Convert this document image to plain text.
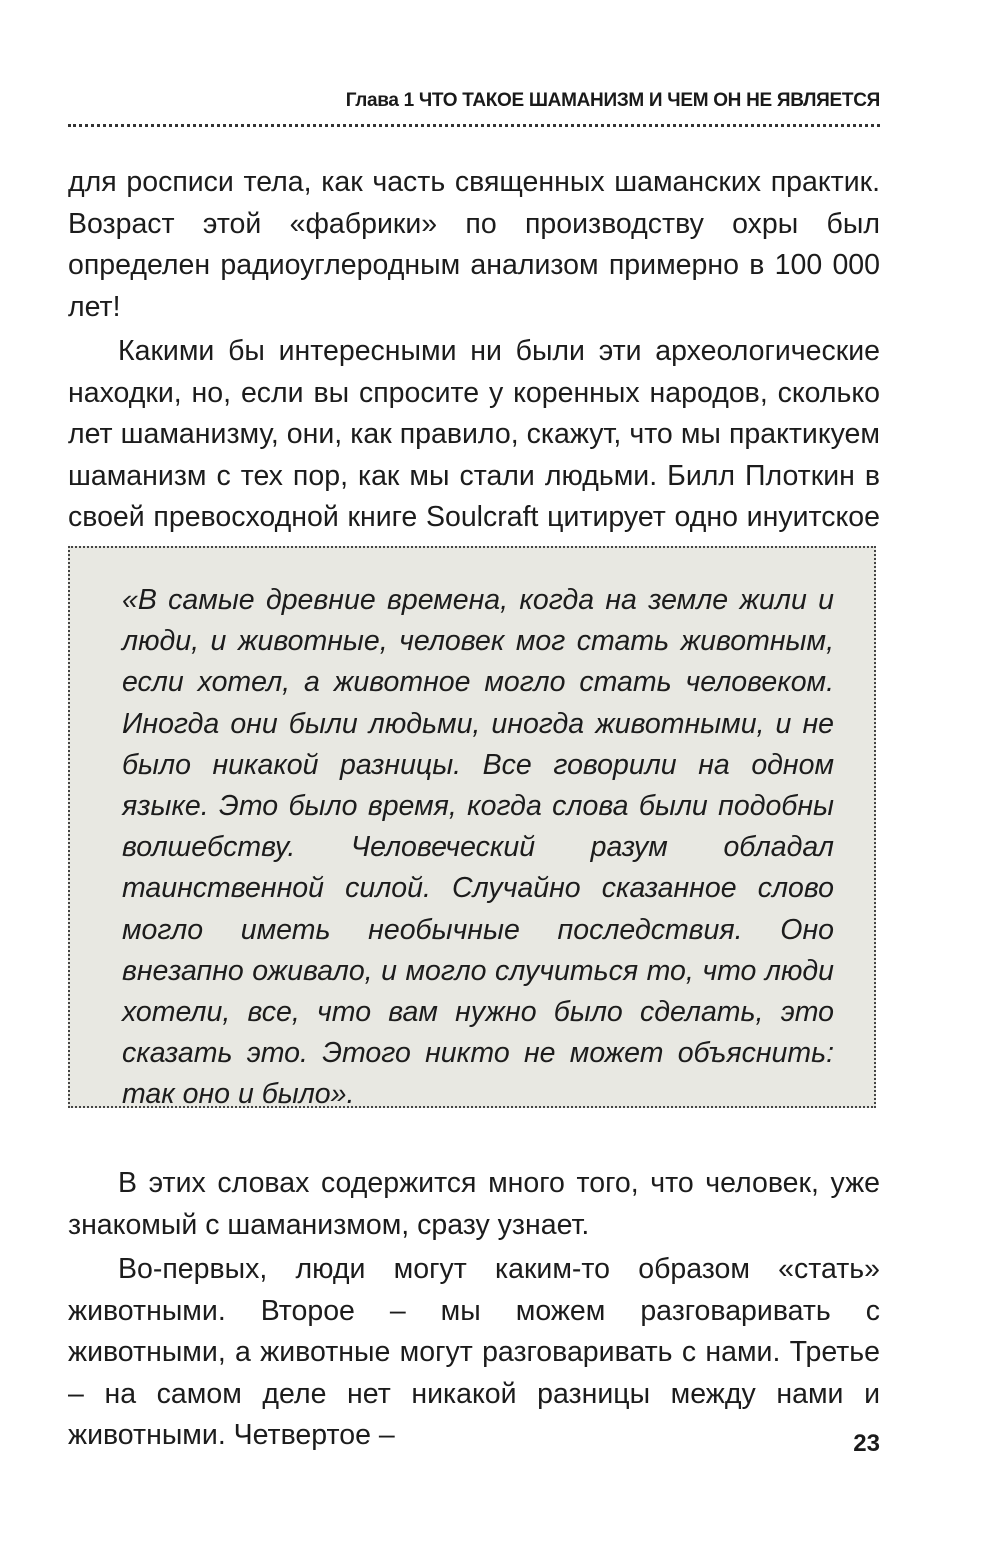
Глава 1 ЧТО ТАКОЕ ШАМАНИЗМ И ЧЕМ ОН НЕ ЯВЛЯЕТСЯ

для росписи тела, как часть священных шаманских практик. Возраст этой «фабрики» по производству охры был определен радиоуглеродным анализом примерно в 100 000 лет!

Какими бы интересными ни были эти археологические находки, но, если вы спросите у коренных народов, сколько лет шаманизму, они, как правило, скажут, что мы практикуем шаманизм с тех пор, как мы стали людьми. Билл Плоткин в своей превосходной книге Soulcraft цитирует одно инуитское

«В самые древние времена, когда на земле жили и люди, и животные, человек мог стать животным, если хотел, а животное могло стать человеком. Иногда они были людьми, иногда животными, и не было никакой разницы. Все говорили на одном языке. Это было время, когда слова были подобны волшебству. Человеческий разум обладал таинственной силой. Случайно сказанное слово могло иметь необычные последствия. Оно внезапно оживало, и могло случиться то, что люди хотели, все, что вам нужно было сделать, это сказать это. Этого никто не может объяснить: так оно и было».

В этих словах содержится много того, что человек, уже знакомый с шаманизмом, сразу узнает.

Во-первых, люди могут каким-то образом «стать» животными. Второе – мы можем разговаривать с животными, а животные могут разговаривать с нами. Третье – на самом деле нет никакой разницы между нами и животными. Четвертое –	23
